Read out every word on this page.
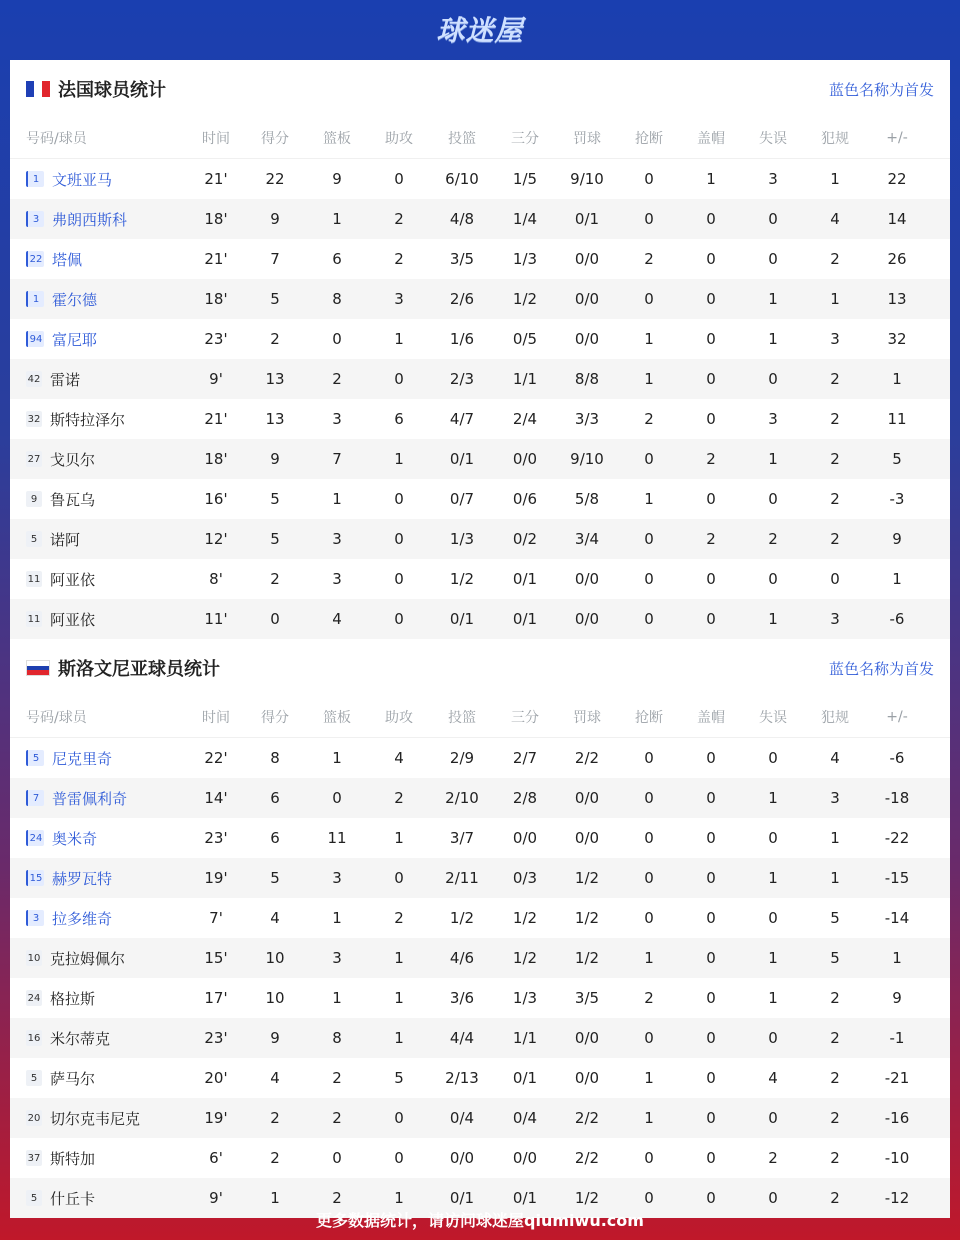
球迷屋
法国球员统计	蓝色名称为首发
号码/球员	时间	得分	篮板	助攻	投篮	三分	罚球	抢断	盖帽	失误	犯规	+/-
1 文班亚马	21'	22	9	0	6/10	1/5	9/10	0	1	3	1	22
3 弗朗西斯科	18'	9	1	2	4/8	1/4	0/1	0	0	0	4	14
22 塔佩	21'	7	6	2	3/5	1/3	0/0	2	0	0	2	26
1 霍尔德	18'	5	8	3	2/6	1/2	0/0	0	0	1	1	13
94 富尼耶	23'	2	0	1	1/6	0/5	0/0	1	0	1	3	32
42 雷诺	9'	13	2	0	2/3	1/1	8/8	1	0	0	2	1
32 斯特拉泽尔	21'	13	3	6	4/7	2/4	3/3	2	0	3	2	11
27 戈贝尔	18'	9	7	1	0/1	0/0	9/10	0	2	1	2	5
9 鲁瓦乌	16'	5	1	0	0/7	0/6	5/8	1	0	0	2	-3
5 诺阿	12'	5	3	0	1/3	0/2	3/4	0	2	2	2	9
11 阿亚依	8'	2	3	0	1/2	0/1	0/0	0	0	0	0	1
11 阿亚依	11'	0	4	0	0/1	0/1	0/0	0	0	1	3	-6
斯洛文尼亚球员统计	蓝色名称为首发
号码/球员	时间	得分	篮板	助攻	投篮	三分	罚球	抢断	盖帽	失误	犯规	+/-
5 尼克里奇	22'	8	1	4	2/9	2/7	2/2	0	0	0	4	-6
7 普雷佩利奇	14'	6	0	2	2/10	2/8	0/0	0	0	1	3	-18
24 奥米奇	23'	6	11	1	3/7	0/0	0/0	0	0	0	1	-22
15 赫罗瓦特	19'	5	3	0	2/11	0/3	1/2	0	0	1	1	-15
3 拉多维奇	7'	4	1	2	1/2	1/2	1/2	0	0	0	5	-14
10 克拉姆佩尔	15'	10	3	1	4/6	1/2	1/2	1	0	1	5	1
24 格拉斯	17'	10	1	1	3/6	1/3	3/5	2	0	1	2	9
16 米尔蒂克	23'	9	8	1	4/4	1/1	0/0	0	0	0	2	-1
5 萨马尔	20'	4	2	5	2/13	0/1	0/0	1	0	4	2	-21
20 切尔克韦尼克	19'	2	2	0	0/4	0/4	2/2	1	0	0	2	-16
37 斯特加	6'	2	0	0	0/0	0/0	2/2	0	0	2	2	-10
5 什丘卡	9'	1	2	1	0/1	0/1	1/2	0	0	0	2	-12
更多数据统计，请访问球迷屋qiumiwu.com
